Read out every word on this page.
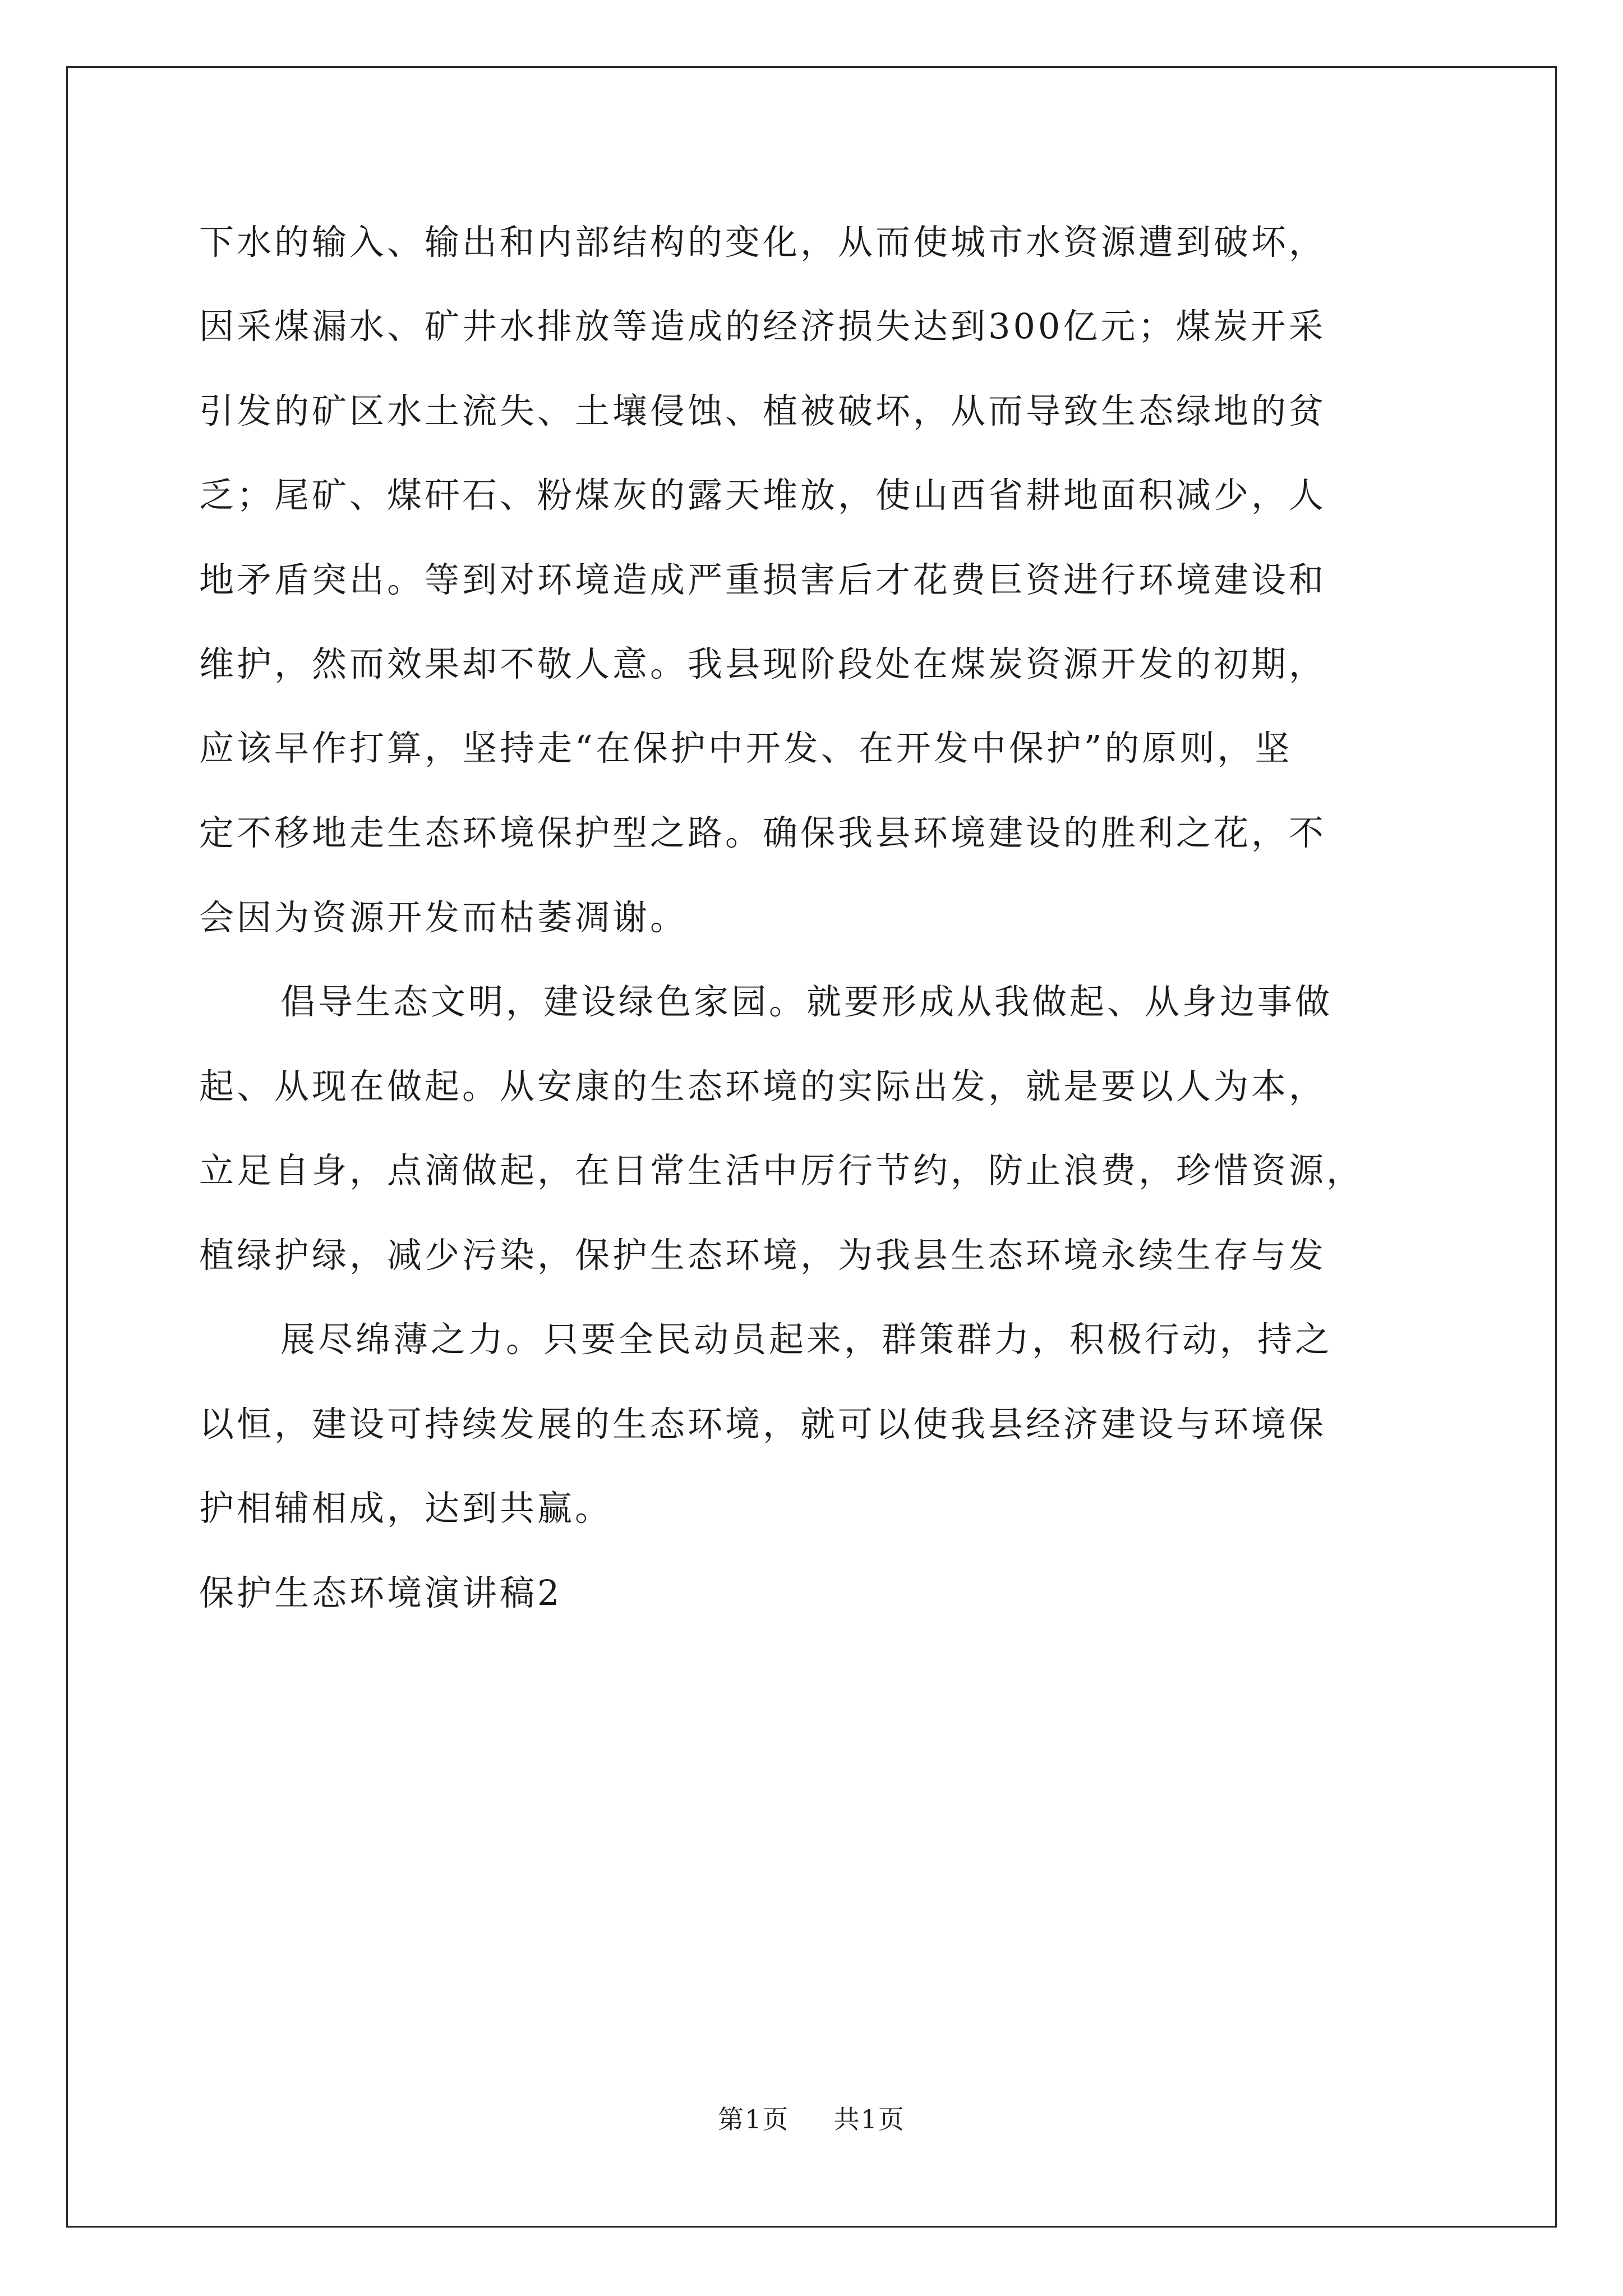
下水的输入、输出和内部结构的变化，从而使城市水资源遭到破坏，
因采煤漏水、矿井水排放等造成的经济损失达到300亿元；煤炭开采
引发的矿区水土流失、土壤侵蚀、植被破坏，从而导致生态绿地的贫
乏；尾矿、煤矸石、粉煤灰的露天堆放，使山西省耕地面积减少，人
地矛盾突出。等到对环境造成严重损害后才花费巨资进行环境建设和
维护，然而效果却不敬人意。我县现阶段处在煤炭资源开发的初期，
应该早作打算，坚持走“在保护中开发、在开发中保护”的原则，坚
定不移地走生态环境保护型之路。确保我县环境建设的胜利之花，不
会因为资源开发而枯萎凋谢。
倡导生态文明，建设绿色家园。就要形成从我做起、从身边事做
起、从现在做起。从安康的生态环境的实际出发，就是要以人为本，
立足自身，点滴做起，在日常生活中厉行节约，防止浪费，珍惜资源，
植绿护绿，减少污染，保护生态环境，为我县生态环境永续生存与发
展尽绵薄之力。只要全民动员起来，群策群力，积极行动，持之
以恒，建设可持续发展的生态环境，就可以使我县经济建设与环境保
护相辅相成，达到共赢。
保护生态环境演讲稿2
第1页 共1页
